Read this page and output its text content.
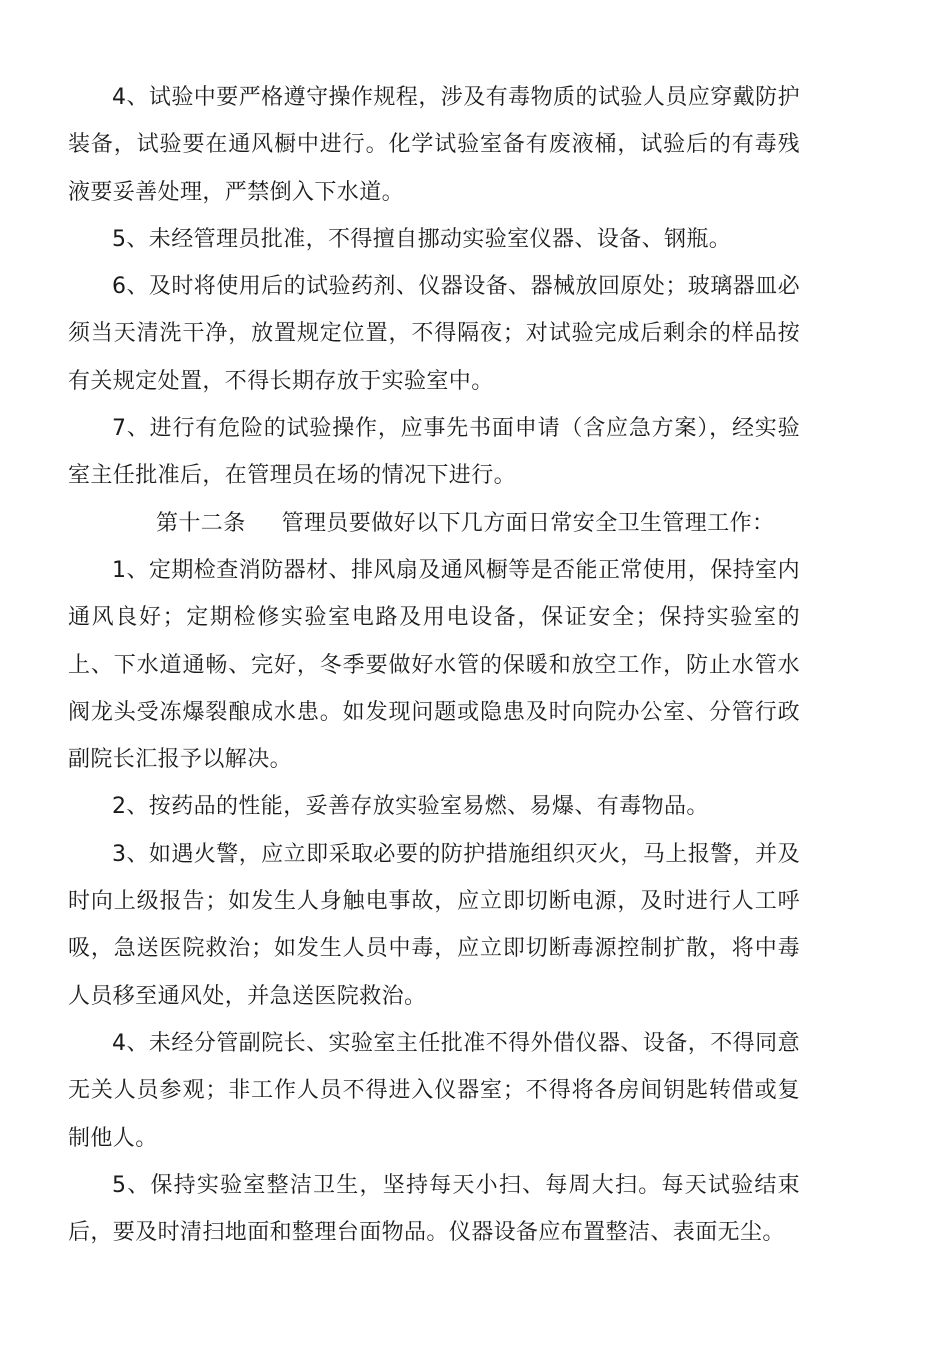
4、试验中要严格遵守操作规程，涉及有毒物质的试验人员应穿戴防护装备，试验要在通风橱中进行。化学试验室备有废液桶，试验后的有毒残液要妥善处理，严禁倒入下水道。

5、未经管理员批准，不得擅自挪动实验室仪器、设备、钢瓶。

6、及时将使用后的试验药剂、仪器设备、器械放回原处；玻璃器皿必须当天清洗干净，放置规定位置，不得隔夜；对试验完成后剩余的样品按有关规定处置，不得长期存放于实验室中。

7、进行有危险的试验操作，应事先书面申请（含应急方案），经实验室主任批准后，在管理员在场的情况下进行。

第十二条 管理员要做好以下几方面日常安全卫生管理工作：

1、定期检查消防器材、排风扇及通风橱等是否能正常使用，保持室内通风良好；定期检修实验室电路及用电设备，保证安全；保持实验室的上、下水道通畅、完好，冬季要做好水管的保暖和放空工作，防止水管水阀龙头受冻爆裂酿成水患。如发现问题或隐患及时向院办公室、分管行政副院长汇报予以解决。

2、按药品的性能，妥善存放实验室易燃、易爆、有毒物品。

3、如遇火警，应立即采取必要的防护措施组织灭火，马上报警，并及时向上级报告；如发生人身触电事故，应立即切断电源，及时进行人工呼吸，急送医院救治；如发生人员中毒，应立即切断毒源控制扩散，将中毒人员移至通风处，并急送医院救治。

4、未经分管副院长、实验室主任批准不得外借仪器、设备，不得同意无关人员参观；非工作人员不得进入仪器室；不得将各房间钥匙转借或复制他人。

5、保持实验室整洁卫生，坚持每天小扫、每周大扫。每天试验结束后，要及时清扫地面和整理台面物品。仪器设备应布置整洁、表面无尘。
